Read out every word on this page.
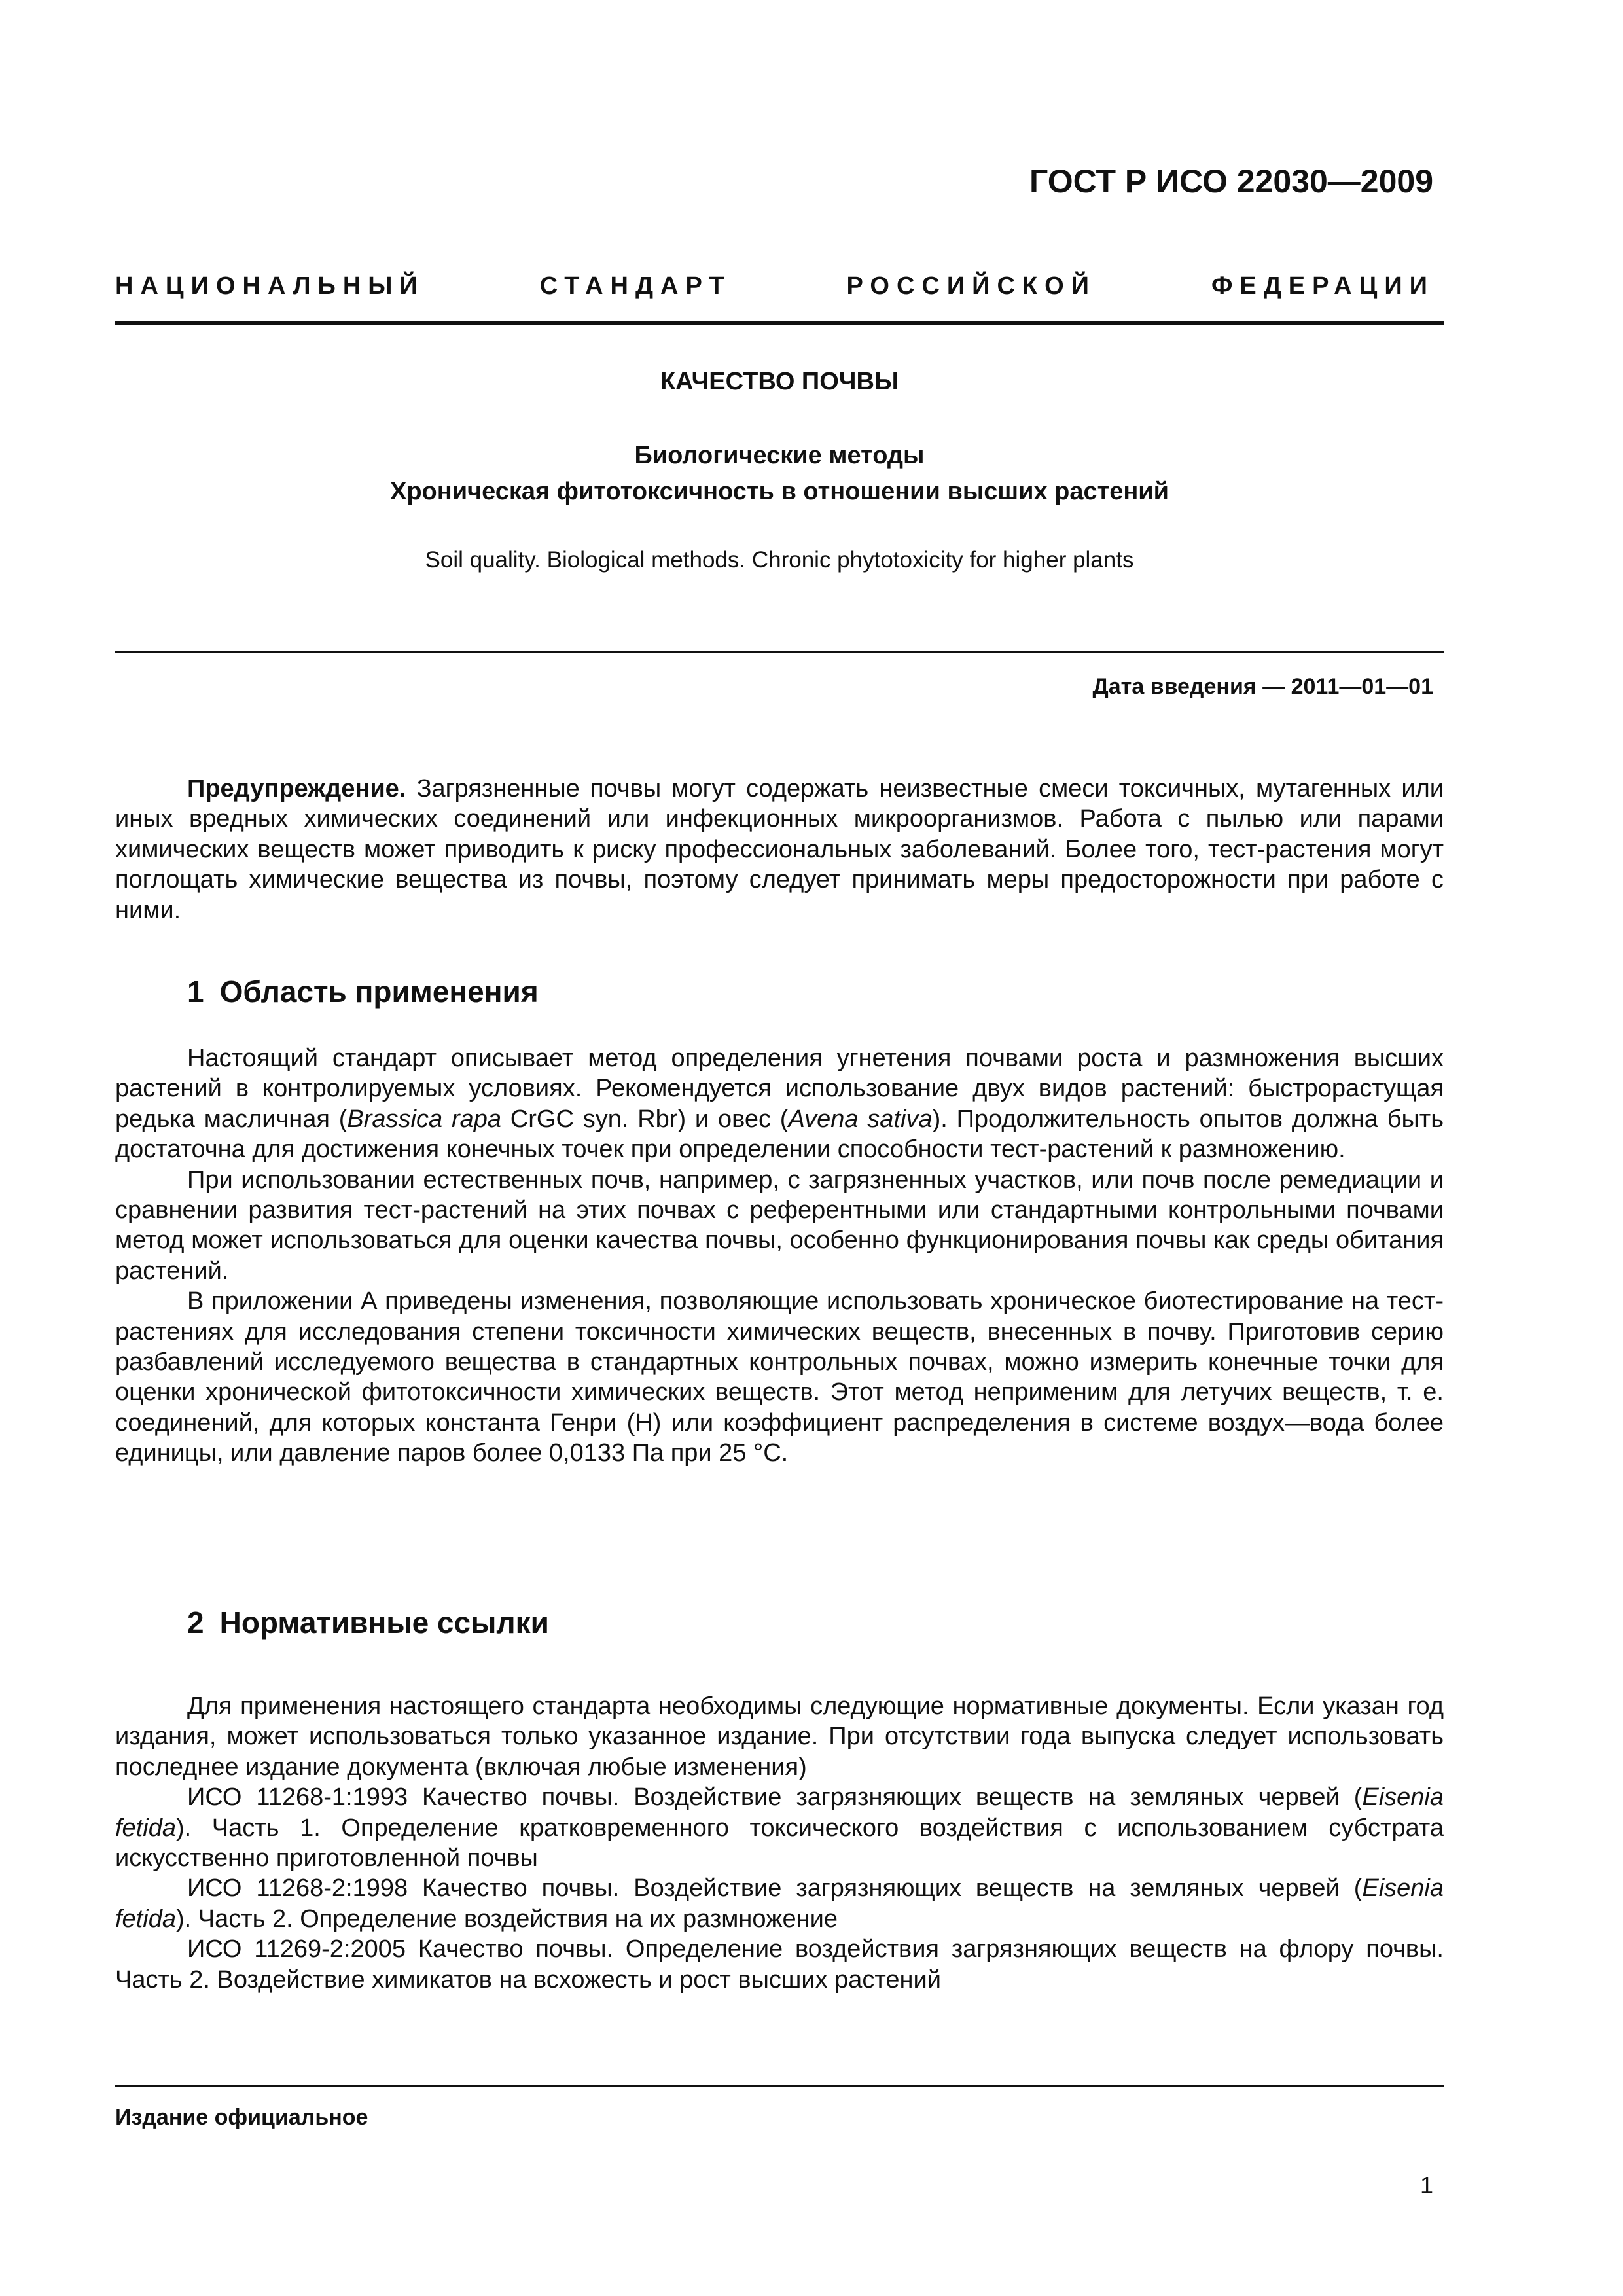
ГОСТ Р ИСО 22030—2009
НАЦИОНАЛЬНЫЙ	СТАНДАРТ	РОССИЙСКОЙ	ФЕДЕРАЦИИ
КАЧЕСТВО ПОЧВЫ
Биологические методы
Хроническая фитотоксичность в отношении высших растений
Soil quality. Biological methods. Chronic phytotoxicity for higher plants
Дата введения — 2011—01—01

Предупреждение. Загрязненные почвы могут содержать неизвестные смеси токсичных, мутагенных или иных вредных химических соединений или инфекционных микроорганизмов. Работа с пылью или парами химических веществ может приводить к риску профессиональных заболеваний. Более того, тест-растения могут поглощать химические вещества из почвы, поэтому следует принимать меры предосторожности при работе с ними.

1 Область применения

Настоящий стандарт описывает метод определения угнетения почвами роста и размножения высших растений в контролируемых условиях. Рекомендуется использование двух видов растений: быстрорастущая редька масличная (Brassica rapa CrGC syn. Rbr) и овес (Avena sativa). Продолжительность опытов должна быть достаточна для достижения конечных точек при определении способности тест-растений к размножению.

При использовании естественных почв, например, с загрязненных участков, или почв после ремедиации и сравнении развития тест-растений на этих почвах с референтными или стандартными контрольными почвами метод может использоваться для оценки качества почвы, особенно функционирования почвы как среды обитания растений.

В приложении А приведены изменения, позволяющие использовать хроническое биотестирование на тест-растениях для исследования степени токсичности химических веществ, внесенных в почву. Приготовив серию разбавлений исследуемого вещества в стандартных контрольных почвах, можно измерить конечные точки для оценки хронической фитотоксичности химических веществ. Этот метод неприменим для летучих веществ, т. е. соединений, для которых константа Генри (H) или коэффициент распределения в системе воздух—вода более единицы, или давление паров более 0,0133 Па при 25 °С.

2 Нормативные ссылки

Для применения настоящего стандарта необходимы следующие нормативные документы. Если указан год издания, может использоваться только указанное издание. При отсутствии года выпуска следует использовать последнее издание документа (включая любые изменения)

ИСО 11268-1:1993 Качество почвы. Воздействие загрязняющих веществ на земляных червей (Eisenia fetida). Часть 1. Определение кратковременного токсического воздействия с использованием субстрата искусственно приготовленной почвы

ИСО 11268-2:1998 Качество почвы. Воздействие загрязняющих веществ на земляных червей (Eisenia fetida). Часть 2. Определение воздействия на их размножение

ИСО 11269-2:2005 Качество почвы. Определение воздействия загрязняющих веществ на флору почвы. Часть 2. Воздействие химикатов на всхожесть и рост высших растений

Издание официальное
1
